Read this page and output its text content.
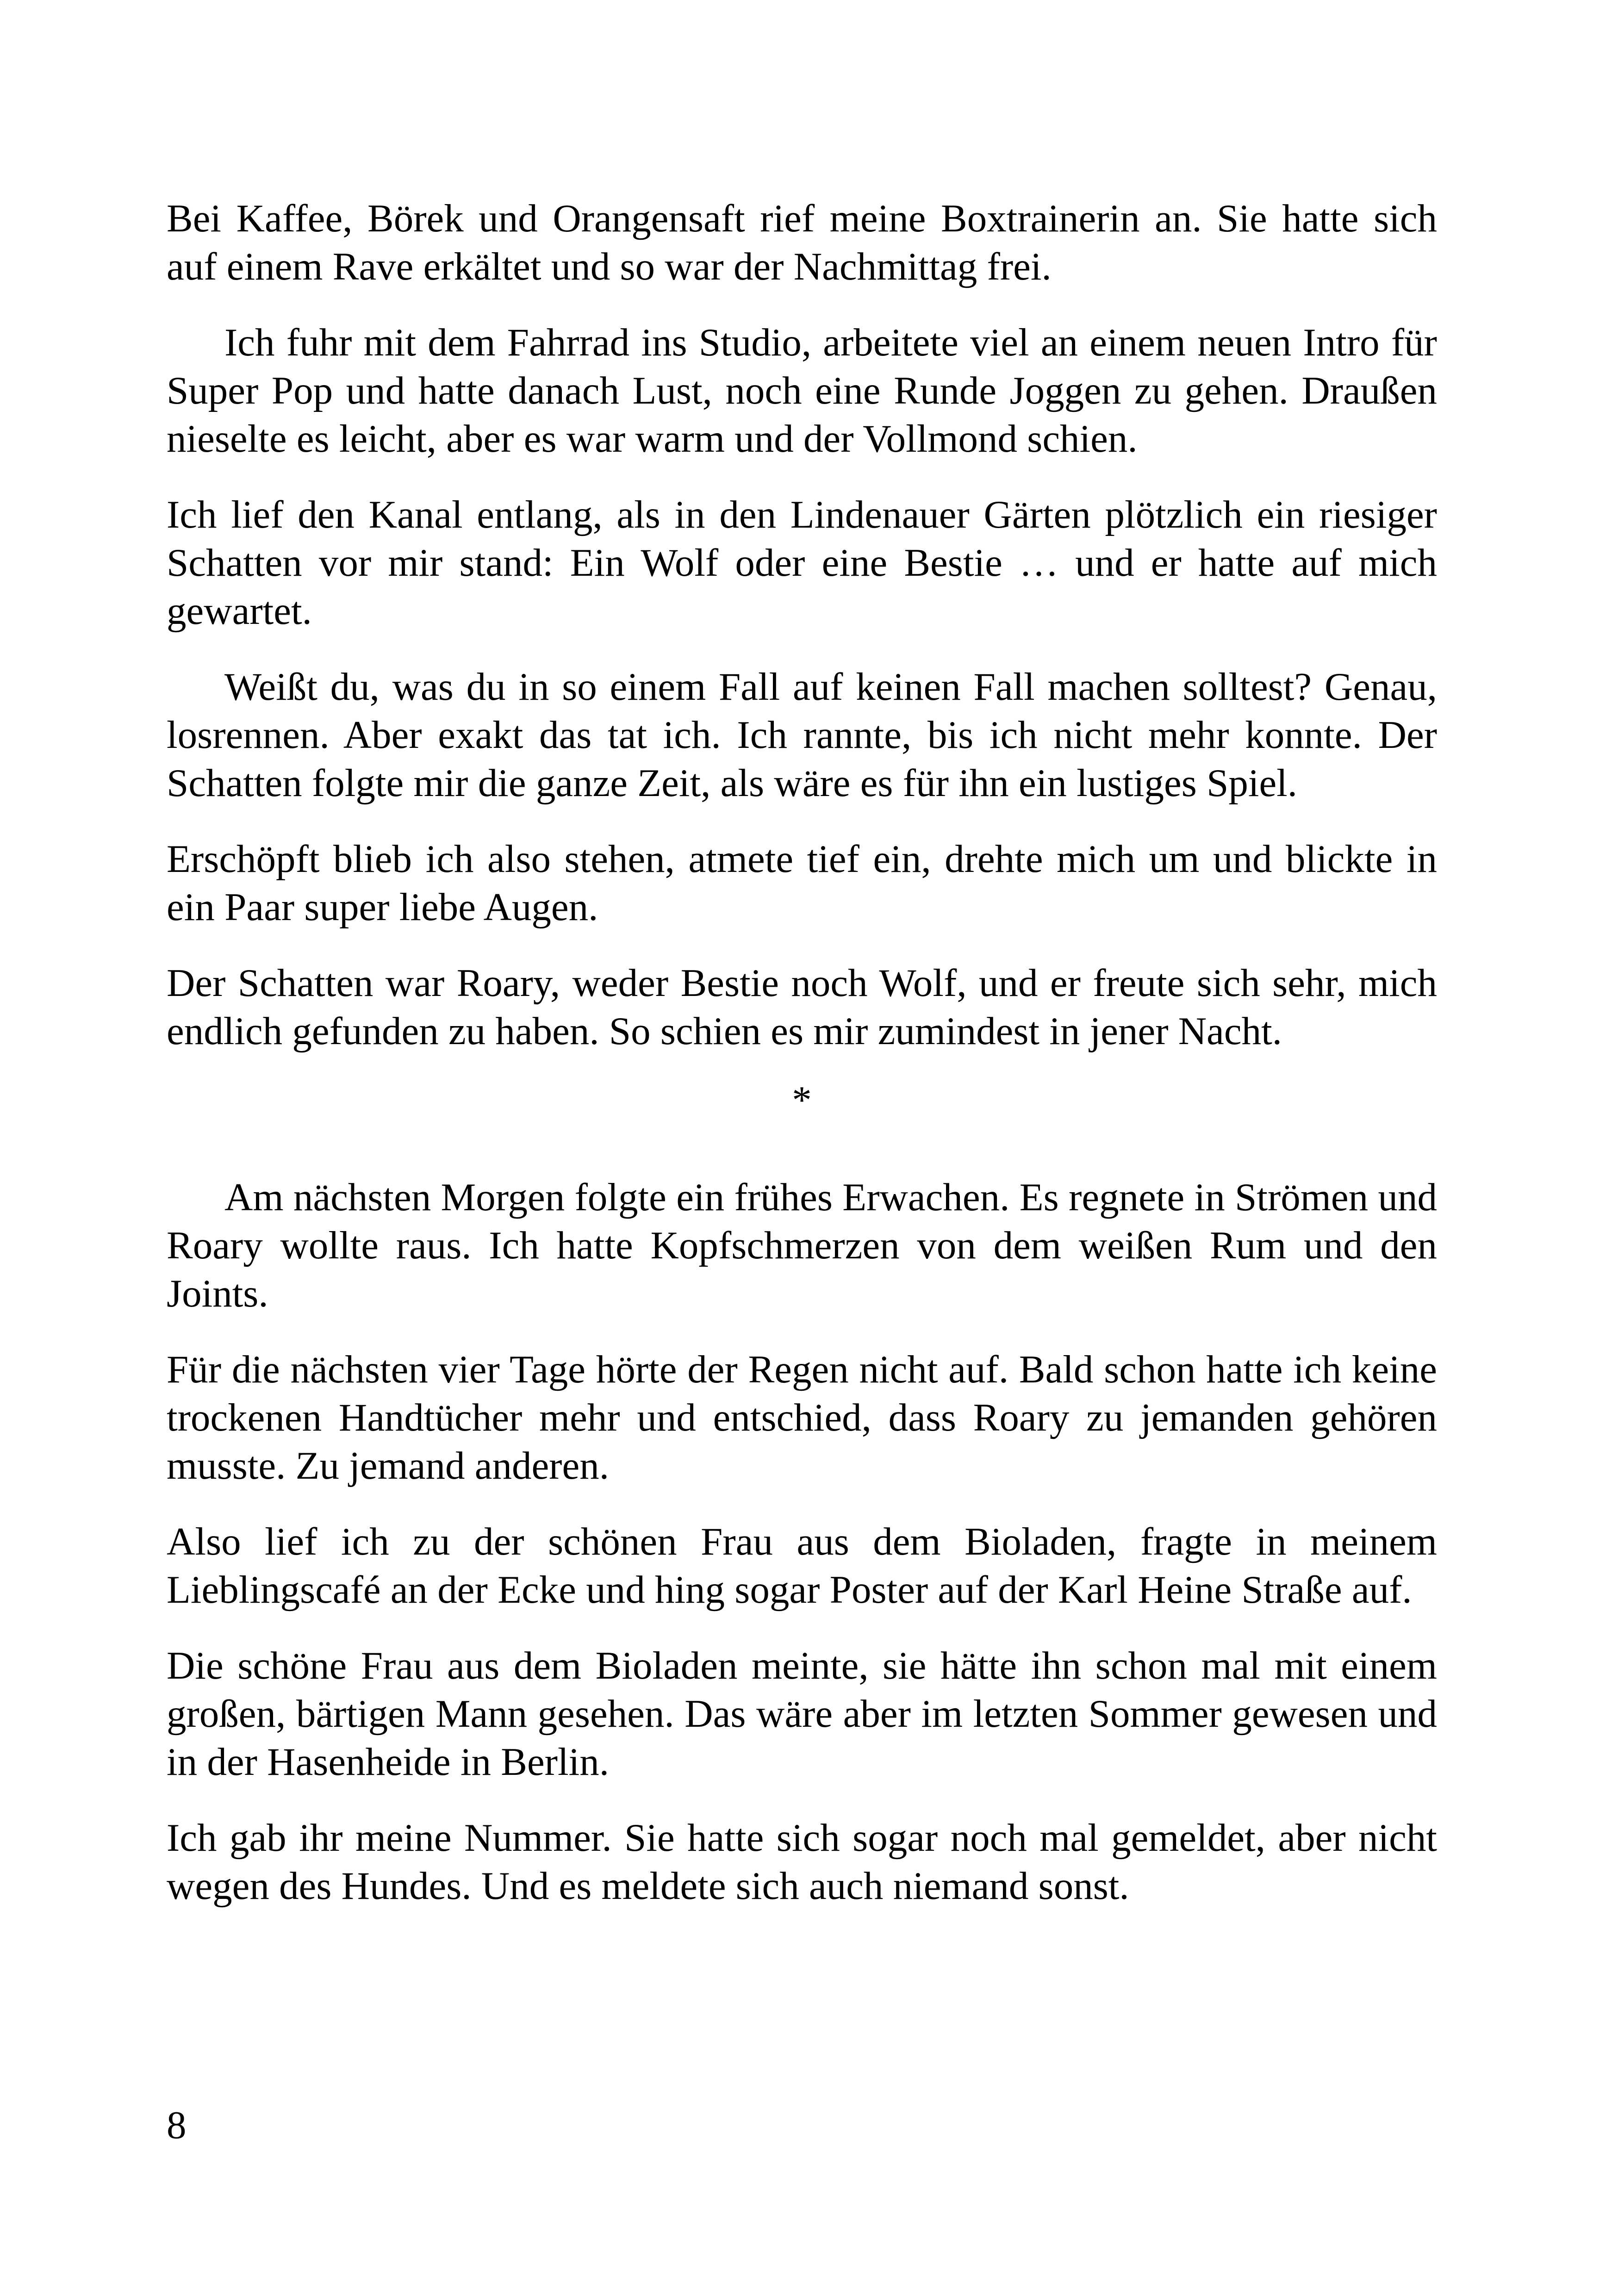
Bei Kaffee, Börek und Orangensaft rief meine Boxtrainerin an. Sie hatte sich auf einem Rave erkältet und so war der Nachmittag frei.

Ich fuhr mit dem Fahrrad ins Studio, arbeitete viel an einem neuen Intro für Super Pop und hatte danach Lust, noch eine Runde Joggen zu gehen. Draußen nieselte es leicht, aber es war warm und der Vollmond schien.

Ich lief den Kanal entlang, als in den Lindenauer Gärten plötzlich ein riesiger Schatten vor mir stand: Ein Wolf oder eine Bestie … und er hatte auf mich gewartet.

Weißt du, was du in so einem Fall auf keinen Fall machen solltest? Genau, losrennen. Aber exakt das tat ich. Ich rannte, bis ich nicht mehr konnte. Der Schatten folgte mir die ganze Zeit, als wäre es für ihn ein lustiges Spiel.

Erschöpft blieb ich also stehen, atmete tief ein, drehte mich um und blickte in ein Paar super liebe Augen.

Der Schatten war Roary, weder Bestie noch Wolf, und er freute sich sehr, mich endlich gefunden zu haben. So schien es mir zumindest in jener Nacht.

*

Am nächsten Morgen folgte ein frühes Erwachen. Es regnete in Strömen und Roary wollte raus. Ich hatte Kopfschmerzen von dem weißen Rum und den Joints.

Für die nächsten vier Tage hörte der Regen nicht auf. Bald schon hatte ich keine trockenen Handtücher mehr und entschied, dass Roary zu jemanden gehören musste. Zu jemand anderen.

Also lief ich zu der schönen Frau aus dem Bioladen, fragte in meinem Lieblingscafé an der Ecke und hing sogar Poster auf der Karl Heine Straße auf.

Die schöne Frau aus dem Bioladen meinte, sie hätte ihn schon mal mit einem großen, bärtigen Mann gesehen. Das wäre aber im letzten Sommer gewesen und in der Hasenheide in Berlin.

Ich gab ihr meine Nummer. Sie hatte sich sogar noch mal gemeldet, aber nicht wegen des Hundes. Und es meldete sich auch niemand sonst.

8
